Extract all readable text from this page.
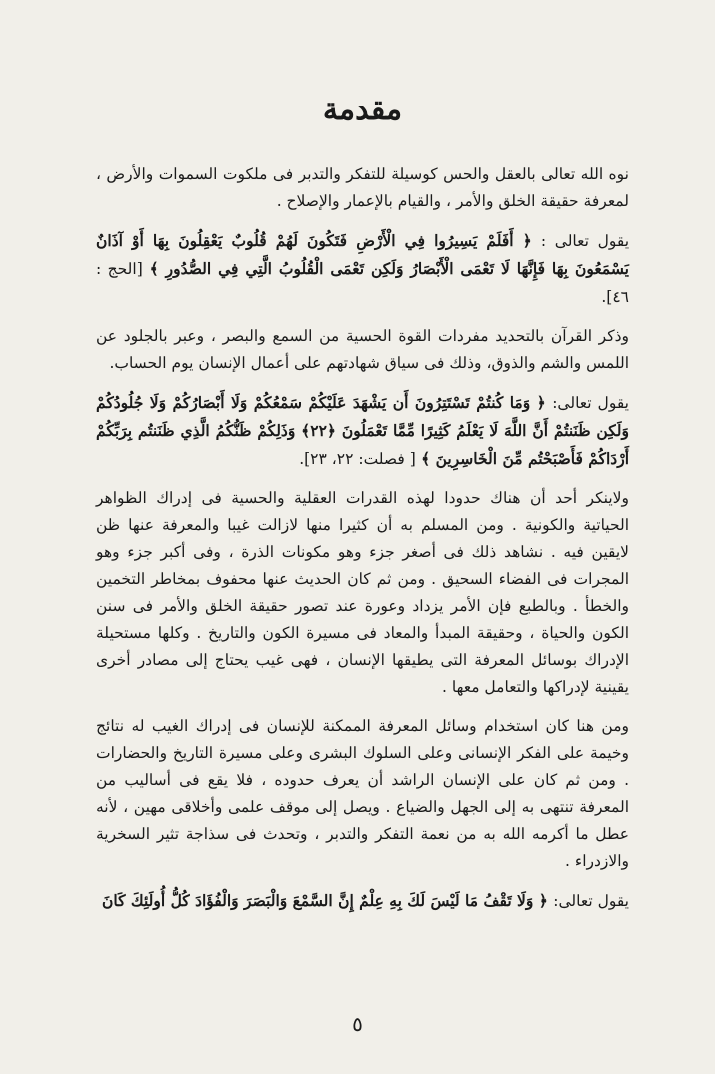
مقدمة

نوه الله تعالى بالعقل والحس كوسيلة للتفكر والتدبر فى ملكوت السموات والأرض ، لمعرفة حقيقة الخلق والأمر ، والقيام بالإعمار والإصلاح .

يقول تعالى : ﴿ أَفَلَمْ يَسِيرُوا فِي الْأَرْضِ فَتَكُونَ لَهُمْ قُلُوبٌ يَعْقِلُونَ بِهَا أَوْ آذَانٌ يَسْمَعُونَ بِهَا فَإِنَّهَا لَا تَعْمَى الْأَبْصَارُ وَلَكِن تَعْمَى الْقُلُوبُ الَّتِي فِي الصُّدُورِ ﴾ [الحج : ٤٦].

وذكر القرآن بالتحديد مفردات القوة الحسية من السمع والبصر ، وعبر بالجلود عن اللمس والشم والذوق، وذلك فى سياق شهادتهم على أعمال الإنسان يوم الحساب.

يقول تعالى: ﴿ وَمَا كُنتُمْ تَسْتَتِرُونَ أَن يَشْهَدَ عَلَيْكُمْ سَمْعُكُمْ وَلَا أَبْصَارُكُمْ وَلَا جُلُودُكُمْ وَلَكِن ظَنَنتُمْ أَنَّ اللَّهَ لَا يَعْلَمُ كَثِيرًا مِّمَّا تَعْمَلُونَ ﴿٢٢﴾ وَذَلِكُمْ ظَنُّكُمُ الَّذِي ظَنَنتُم بِرَبِّكُمْ أَرْدَاكُمْ فَأَصْبَحْتُم مِّنَ الْخَاسِرِينَ ﴾ [ فصلت: ٢٢، ٢٣].

ولاينكر أحد أن هناك حدودا لهذه القدرات العقلية والحسية فى إدراك الظواهر الحياتية والكونية . ومن المسلم به أن كثيرا منها لازالت غيبا والمعرفة عنها ظن لايقين فيه . نشاهد ذلك فى أصغر جزء وهو مكونات الذرة ، وفى أكبر جزء وهو المجرات فى الفضاء السحيق . ومن ثم كان الحديث عنها محفوف بمخاطر التخمين والخطأ . وبالطبع فإن الأمر يزداد وعورة عند تصور حقيقة الخلق والأمر فى سنن الكون والحياة ، وحقيقة المبدأ والمعاد فى مسيرة الكون والتاريخ . وكلها مستحيلة الإدراك بوسائل المعرفة التى يطيقها الإنسان ، فهى غيب يحتاج إلى مصادر أخرى يقينية لإدراكها والتعامل معها .

ومن هنا كان استخدام وسائل المعرفة الممكنة للإنسان فى إدراك الغيب له نتائج وخيمة على الفكر الإنسانى وعلى السلوك البشرى وعلى مسيرة التاريخ والحضارات . ومن ثم كان على الإنسان الراشد أن يعرف حدوده ، فلا يقع فى أساليب من المعرفة تنتهى به إلى الجهل والضياع . ويصل إلى موقف علمى وأخلاقى مهين ، لأنه عطل ما أكرمه الله به من نعمة التفكر والتدبر ، وتحدث فى سذاجة تثير السخرية والازدراء .

يقول تعالى: ﴿ وَلَا تَقْفُ مَا لَيْسَ لَكَ بِهِ عِلْمٌ إِنَّ السَّمْعَ وَالْبَصَرَ وَالْفُؤَادَ كُلُّ أُولَئِكَ كَانَ

٥
